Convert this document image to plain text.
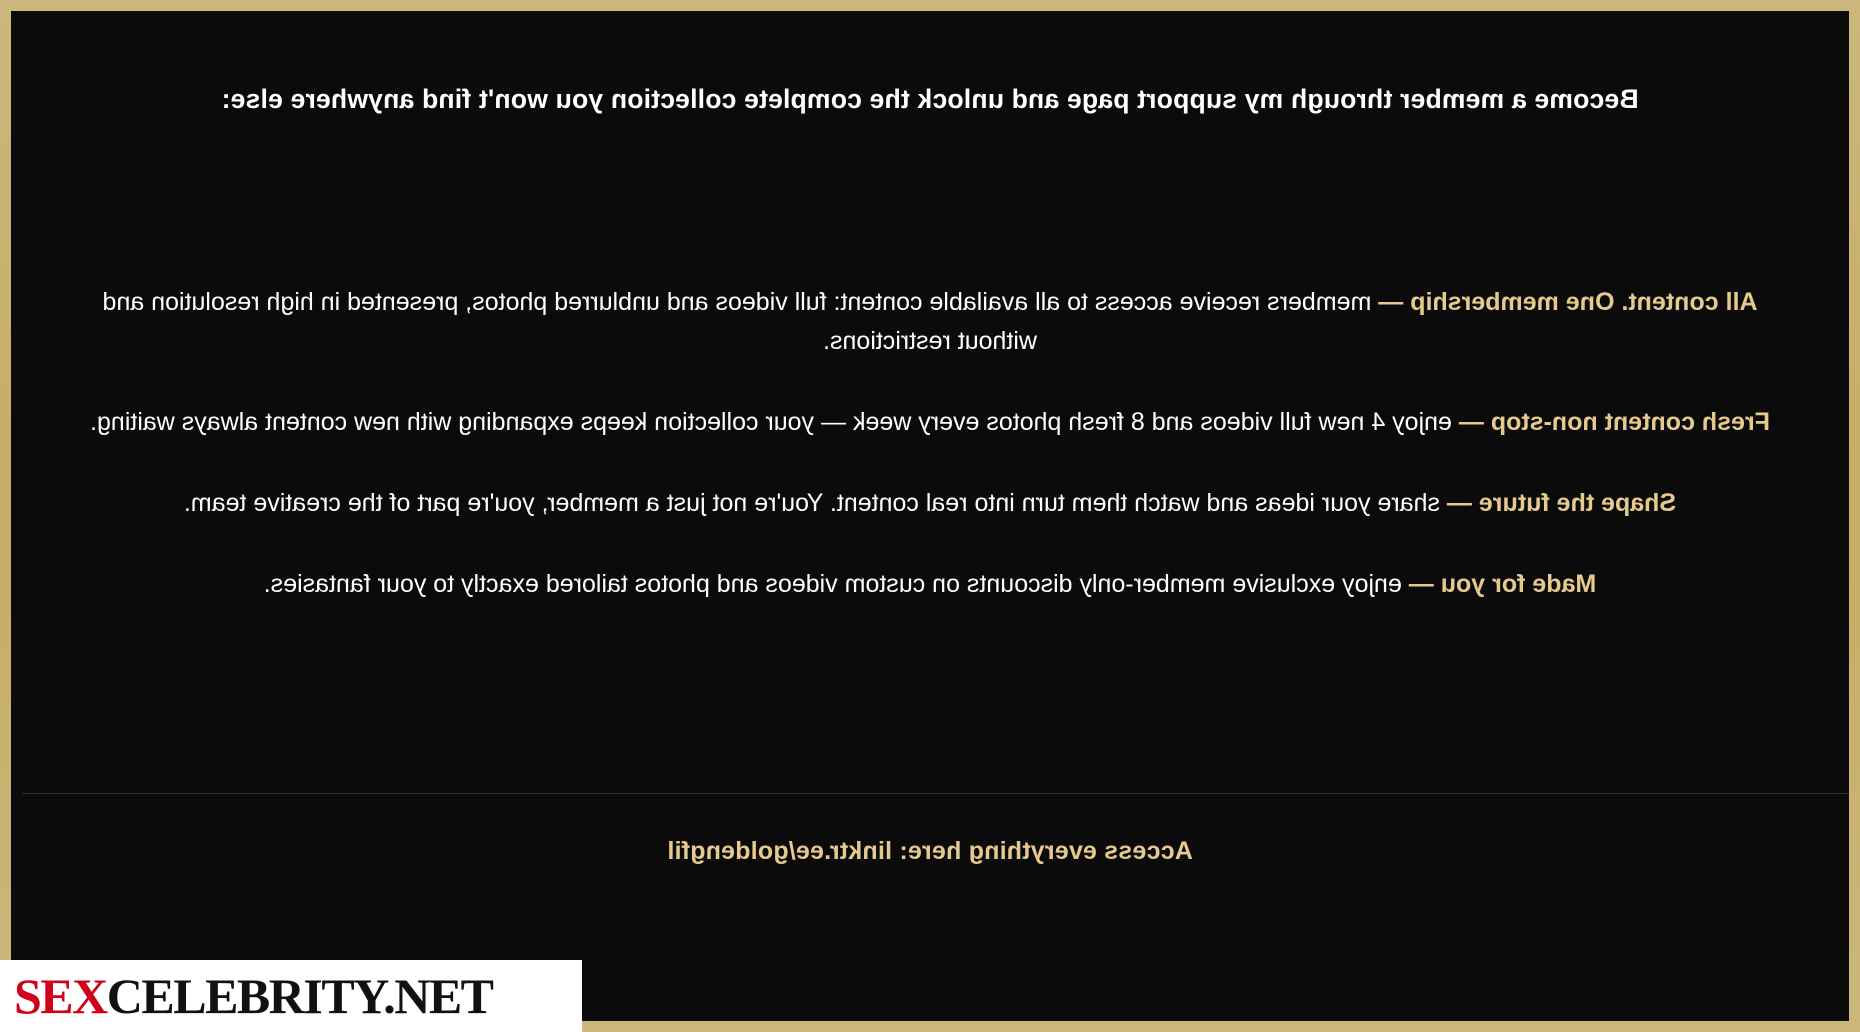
Become a member through my support page and unlock the complete collection you won't find anywhere else:
All content. One membership — members receive access to all available content: full videos and unblurred photos, presented in high resolution and without restrictions.
Fresh content non-stop — enjoy 4 new full videos and 8 fresh photos every week — your collection keeps expanding with new content always waiting.
Shape the future — share your ideas and watch them turn into real content. You're not just a member, you're part of the creative team.
Made for you — enjoy exclusive member-only discounts on custom videos and photos tailored exactly to your fantasies.
Access everything here: linktr.ee/goldengfil
SEXCELEBRITY.NET
